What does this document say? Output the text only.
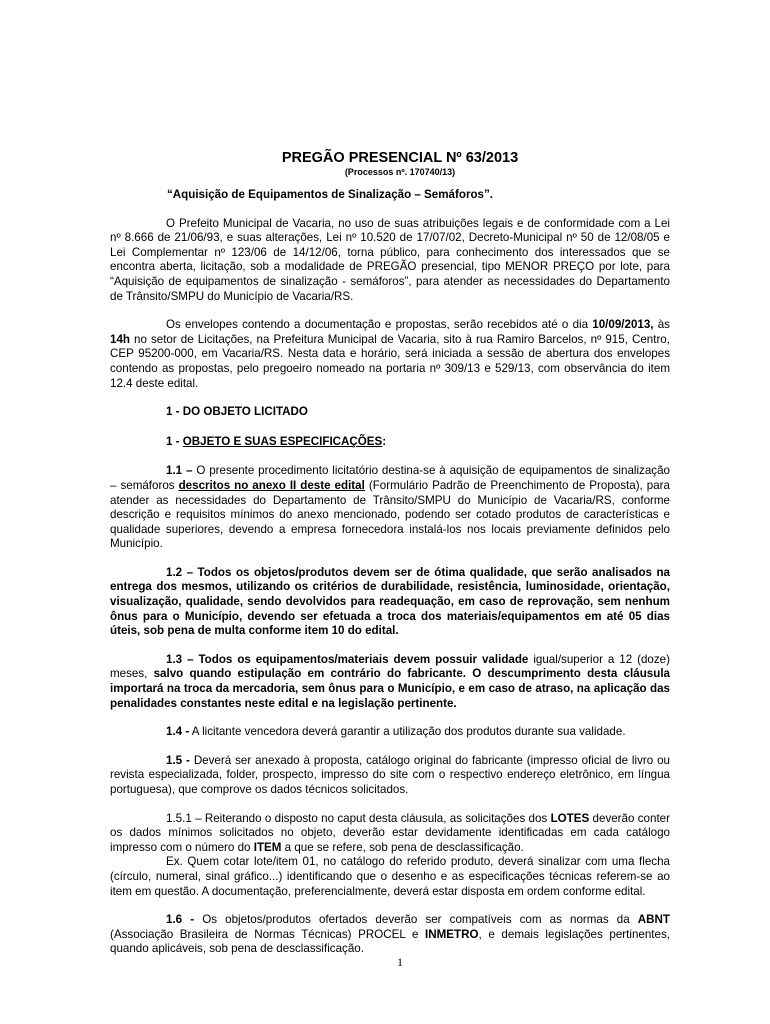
PREGÃO PRESENCIAL Nº 63/2013
(Processos nº. 170740/13)
“Aquisição de Equipamentos de Sinalização – Semáforos”.

O Prefeito Municipal de Vacaria, no uso de suas atribuições legais e de conformidade com a Lei nº 8.666 de 21/06/93, e suas alterações, Lei nº 10.520 de 17/07/02, Decreto-Municipal nº 50 de 12/08/05 e Lei Complementar nº 123/06 de 14/12/06, torna público, para conhecimento dos interessados que se encontra aberta, licitação, sob a modalidade de PREGÃO presencial, tipo MENOR PREÇO por lote, para “Aquisição de equipamentos de sinalização - semáforos”, para atender as necessidades do Departamento de Trânsito/SMPU do Município de Vacaria/RS.

Os envelopes contendo a documentação e propostas, serão recebidos até o dia 10/09/2013, às 14h no setor de Licitações, na Prefeitura Municipal de Vacaria, sito à rua Ramiro Barcelos, nº 915, Centro, CEP 95200-000, em Vacaria/RS. Nesta data e horário, será iniciada a sessão de abertura dos envelopes contendo as propostas, pelo pregoeiro nomeado na portaria nº 309/13 e 529/13, com observância do item 12.4 deste edital.

1 - DO OBJETO LICITADO
1 - OBJETO E SUAS ESPECIFICAÇÕES:

1.1 – O presente procedimento licitatório destina-se à aquisição de equipamentos de sinalização – semáforos descritos no anexo II deste edital (Formulário Padrão de Preenchimento de Proposta), para atender as necessidades do Departamento de Trânsito/SMPU do Município de Vacaria/RS, conforme descrição e requisitos mínimos do anexo mencionado, podendo ser cotado produtos de características e qualidade superiores, devendo a empresa fornecedora instalá-los nos locais previamente definidos pelo Município.

1.2 – Todos os objetos/produtos devem ser de ótima qualidade, que serão analisados na entrega dos mesmos, utilizando os critérios de durabilidade, resistência, luminosidade, orientação, visualização, qualidade, sendo devolvidos para readequação, em caso de reprovação, sem nenhum ônus para o Município, devendo ser efetuada a troca dos materiais/equipamentos em até 05 dias úteis, sob pena de multa conforme item 10 do edital.

1.3 – Todos os equipamentos/materiais devem possuir validade igual/superior a 12 (doze) meses, salvo quando estipulação em contrário do fabricante. O descumprimento desta cláusula importará na troca da mercadoria, sem ônus para o Município, e em caso de atraso, na aplicação das penalidades constantes neste edital e na legislação pertinente.

1.4 - A licitante vencedora deverá garantir a utilização dos produtos durante sua validade.

1.5 - Deverá ser anexado à proposta, catálogo original do fabricante (impresso oficial de livro ou revista especializada, folder, prospecto, impresso do site com o respectivo endereço eletrônico, em língua portuguesa), que comprove os dados técnicos solicitados.

1.5.1 – Reiterando o disposto no caput desta cláusula, as solicitações dos LOTES deverão conter os dados mínimos solicitados no objeto, deverão estar devidamente identificadas em cada catálogo impresso com o número do ITEM a que se refere, sob pena de desclassificação.

Ex. Quem cotar lote/item 01, no catálogo do referido produto, deverá sinalizar com uma flecha (círculo, numeral, sinal gráfico...) identificando que o desenho e as especificações técnicas referem-se ao item em questão. A documentação, preferencialmente, deverá estar disposta em ordem conforme edital.

1.6 - Os objetos/produtos ofertados deverão ser compatíveis com as normas da ABNT (Associação Brasileira de Normas Técnicas) PROCEL e INMETRO, e demais legislações pertinentes, quando aplicáveis, sob pena de desclassificação.

1
